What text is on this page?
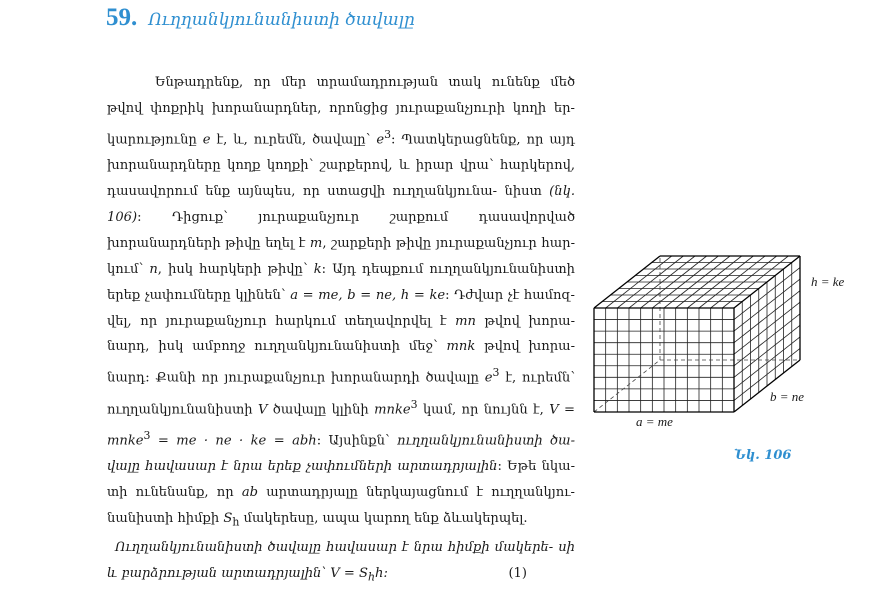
59. Ուղղանկյունանիստի ծավալը

Ենթադրենք, որ մեր տրամադրության տակ ունենք մեծ թվով փոքրիկ խորանարդներ, որոնցից յուրաքանչյուրի կողի եր- կարությունը e է, և, ուրեմն, ծավալը՝ $e^3$: Պատկերացնենք, որ այդ խորանարդները կողք կողքի՝ շարքերով, և իրար վրա՝ հարկերով, դասավորում ենք այնպես, որ ստացվի ուղղանկյունա- նիստ (նկ. 106): Դիցուք՝ յուրաքանչյուր շարքում դասավորված խորանարդների թիվը եղել է m, շարքերի թիվը յուրաքանչյուր հար- կում՝ n, իսկ հարկերի թիվը՝ k: Այդ դեպքում ուղղանկյունանիստի երեք չափումները կլինեն՝ a = me, b = ne, h = ke: Դժվար չէ համոզ- վել, որ յուրաքանչյուր հարկում տեղավորվել է mn թվով խորա- նարդ, իսկ ամբողջ ուղղանկյունանիստի մեջ՝ mnk թվով խորա- նարդ: Քանի որ յուրաքանչյուր խորանարդի ծավալը $e^3$ է, ուրեմն՝ ուղղանկյունանիստի V ծավալը կլինի mnke$^3$ կամ, որ նույնն է, V = mnke$^3$ = me · ne · ke = abh: Այսինքն՝ ուղղանկյունանիստի ծա- վալը հավասար է նրա երեք չափումների արտադրյալին: Եթե նկա- տի ունենանք, որ ab արտադրյալը ներկայացնում է ուղղանկյու- նանիստի հիմքի $S_h$ մակերեսը, ապա կարող ենք ձևակերպել.

Ուղղանկյունանիստի ծավալը հավասար է նրա հիմքի մակերե- սի և բարձրության արտադրյալին՝ $V = S_hh$:	(1)

h = ke
b = ne
a = me
Նկ. 106
